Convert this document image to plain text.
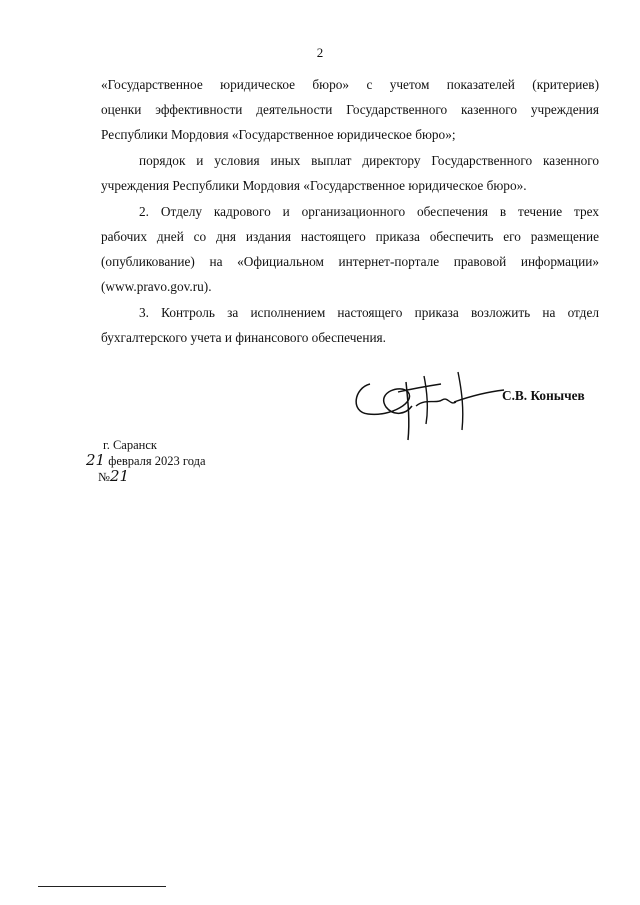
2
«Государственное юридическое бюро» с учетом показателей (критериев)
оценки эффективности деятельности Государственного казенного учреждения
Республики Мордовия «Государственное юридическое бюро»;
порядок и условия иных выплат директору Государственного казенного
учреждения Республики Мордовия «Государственное юридическое бюро».
2. Отделу кадрового и организационного обеспечения в течение трех
рабочих дней со дня издания настоящего приказа обеспечить его размещение
(опубликование) на «Официальном интернет-портале правовой информации»
(www.pravo.gov.ru).
3. Контроль за исполнением настоящего приказа возложить на отдел
бухгалтерского учета и финансового обеспечения.
С.В. Конычев
г. Саранск
21 февраля 2023 года
№21
